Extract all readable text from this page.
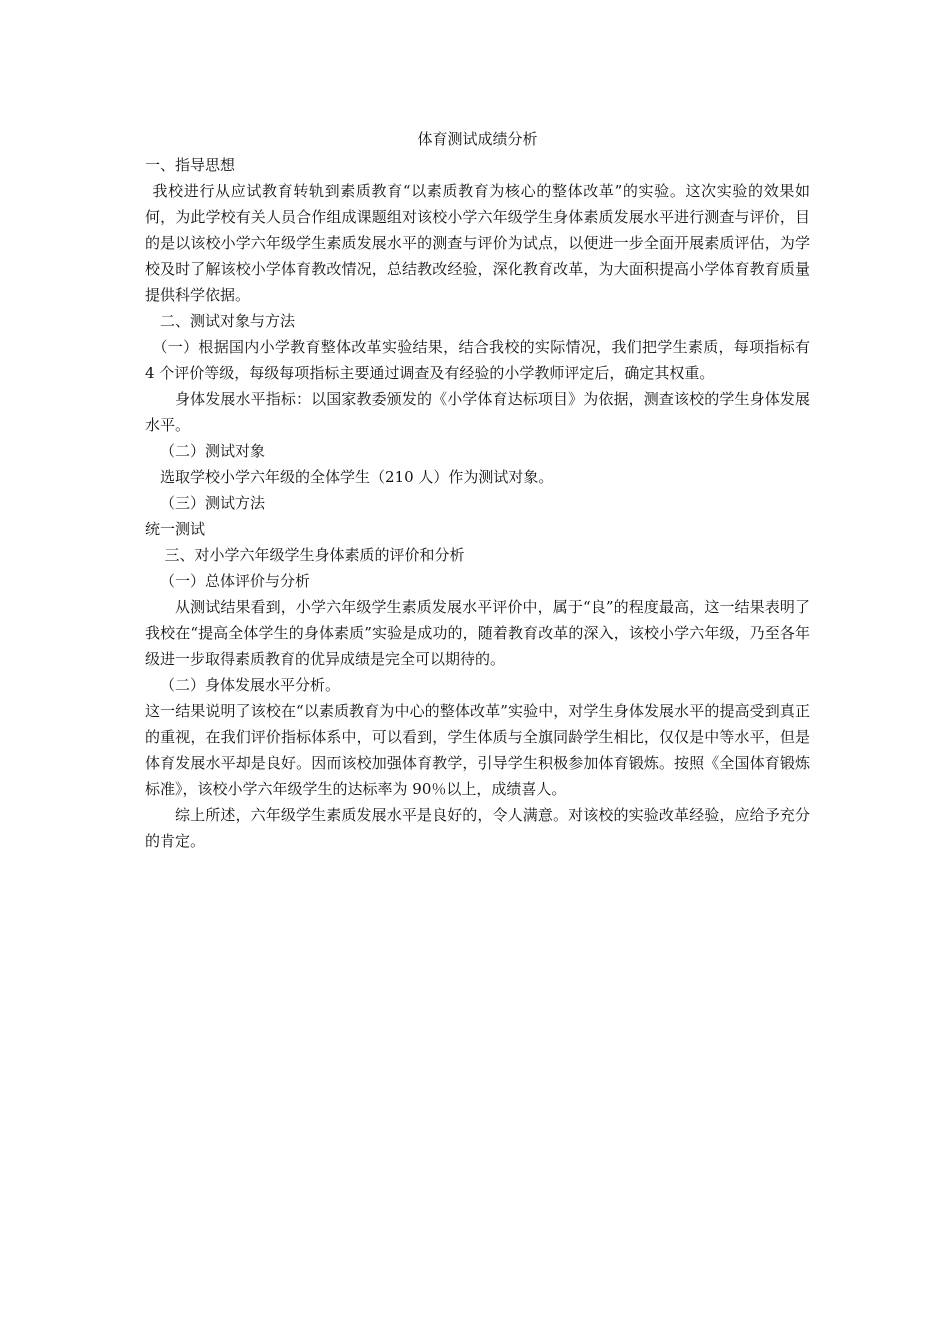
体育测试成绩分析

一、指导思想

我校进行从应试教育转轨到素质教育“以素质教育为核心的整体改革”的实验。这次实验的效果如何，为此学校有关人员合作组成课题组对该校小学六年级学生身体素质发展水平进行测查与评价，目的是以该校小学六年级学生素质发展水平的测查与评价为试点，以便进一步全面开展素质评估，为学校及时了解该校小学体育教改情况，总结教改经验，深化教育改革，为大面积提高小学体育教育质量提供科学依据。

二、测试对象与方法

（一）根据国内小学教育整体改革实验结果，结合我校的实际情况，我们把学生素质，每项指标有 4 个评价等级，每级每项指标主要通过调查及有经验的小学教师评定后，确定其权重。

身体发展水平指标：以国家教委颁发的《小学体育达标项目》为依据，测查该校的学生身体发展水平。

（二）测试对象

选取学校小学六年级的全体学生（210 人）作为测试对象。

（三）测试方法

统一测试

三、对小学六年级学生身体素质的评价和分析

（一）总体评价与分析

从测试结果看到，小学六年级学生素质发展水平评价中，属于“良”的程度最高，这一结果表明了我校在“提高全体学生的身体素质”实验是成功的，随着教育改革的深入，该校小学六年级，乃至各年级进一步取得素质教育的优异成绩是完全可以期待的。

（二）身体发展水平分析。

这一结果说明了该校在“以素质教育为中心的整体改革”实验中，对学生身体发展水平的提高受到真正的重视，在我们评价指标体系中，可以看到，学生体质与全旗同龄学生相比，仅仅是中等水平，但是体育发展水平却是良好。因而该校加强体育教学，引导学生积极参加体育锻炼。按照《全国体育锻炼标准》，该校小学六年级学生的达标率为 90％以上，成绩喜人。

综上所述，六年级学生素质发展水平是良好的，令人满意。对该校的实验改革经验，应给予充分的肯定。
